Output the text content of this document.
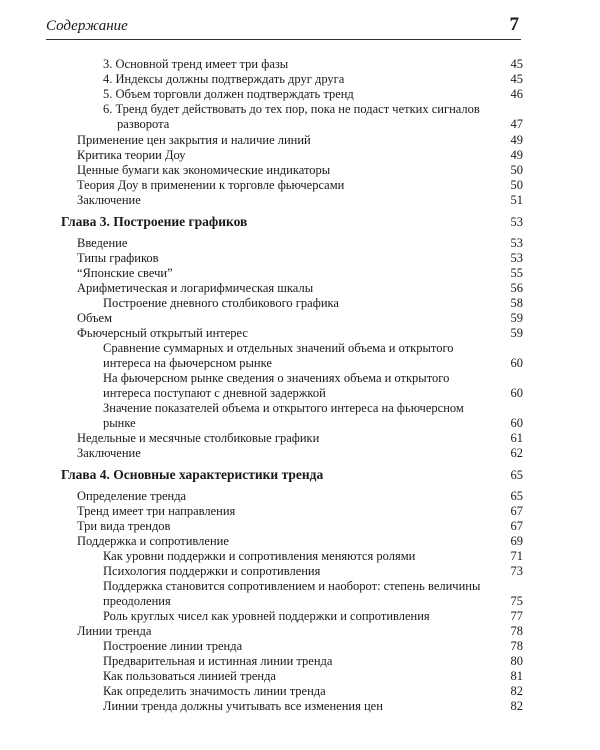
Содержание	7
3. Основной тренд имеет три фазы	45
4. Индексы должны подтверждать друг друга	45
5. Объем торговли должен подтверждать тренд	46
6. Тренд будет действовать до тех пор, пока не подаст четких сигналов
разворота	47
Применение цен закрытия и наличие линий	49
Критика теории Доу	49
Ценные бумаги как экономические индикаторы	50
Теория Доу в применении к торговле фьючерсами	50
Заключение	51
Глава 3. Построение графиков	53
Введение	53
Типы графиков	53
“Японские свечи”	55
Арифметическая и логарифмическая шкалы	56
Построение дневного столбикового графика	58
Объем	59
Фьючерсный открытый интерес	59
Сравнение суммарных и отдельных значений объема и открытого
интереса на фьючерсном рынке	60
На фьючерсном рынке сведения о значениях объема и открытого
интереса поступают с дневной задержкой	60
Значение показателей объема и открытого интереса на фьючерсном
рынке	60
Недельные и месячные столбиковые графики	61
Заключение	62
Глава 4. Основные характеристики тренда	65
Определение тренда	65
Тренд имеет три направления	67
Три вида трендов	67
Поддержка и сопротивление	69
Как уровни поддержки и сопротивления меняются ролями	71
Психология поддержки и сопротивления	73
Поддержка становится сопротивлением и наоборот: степень величины
преодоления	75
Роль круглых чисел как уровней поддержки и сопротивления	77
Линии тренда	78
Построение линии тренда	78
Предварительная и истинная линии тренда	80
Как пользоваться линией тренда	81
Как определить значимость линии тренда	82
Линии тренда должны учитывать все изменения цен	82
